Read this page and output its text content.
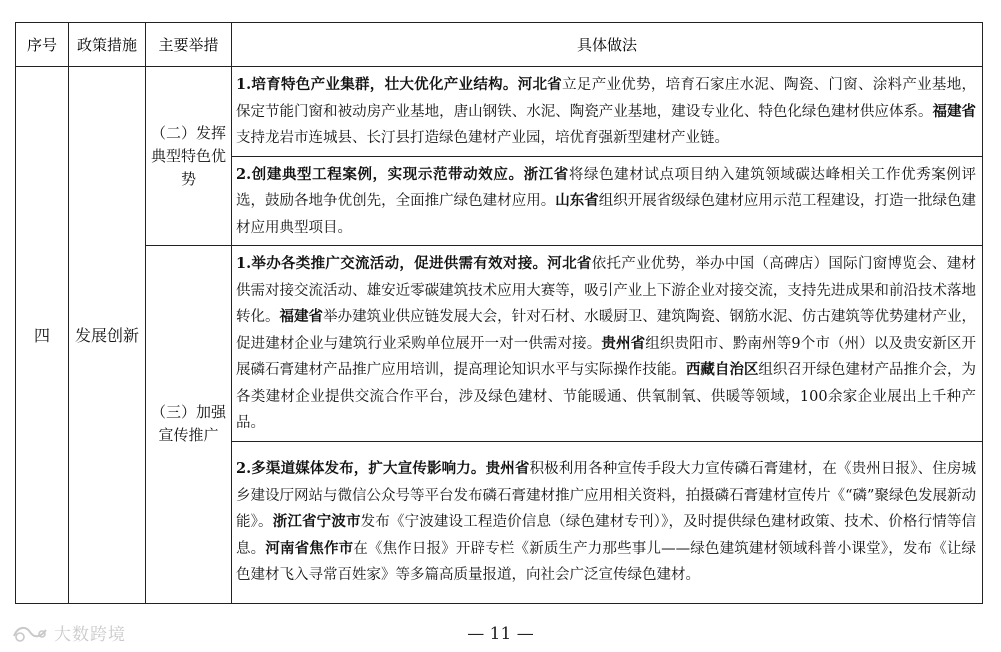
序号	政策措施	主要举措	具体做法
四	发展创新	（二）发挥典型特色优势	1.培育特色产业集群，壮大优化产业结构。河北省立足产业优势，培育石家庄水泥、陶瓷、门窗、涂料产业基地，保定节能门窗和被动房产业基地，唐山钢铁、水泥、陶瓷产业基地，建设专业化、特色化绿色建材供应体系。福建省支持龙岩市连城县、长汀县打造绿色建材产业园，培优育强新型建材产业链。

			2.创建典型工程案例，实现示范带动效应。浙江省将绿色建材试点项目纳入建筑领域碳达峰相关工作优秀案例评选，鼓励各地争优创先，全面推广绿色建材应用。山东省组织开展省级绿色建材应用示范工程建设，打造一批绿色建材应用典型项目。

		（三）加强宣传推广	1.举办各类推广交流活动，促进供需有效对接。河北省依托产业优势，举办中国（高碑店）国际门窗博览会、建材供需对接交流活动、雄安近零碳建筑技术应用大赛等，吸引产业上下游企业对接交流，支持先进成果和前沿技术落地转化。福建省举办建筑业供应链发展大会，针对石材、水暖厨卫、建筑陶瓷、钢筋水泥、仿古建筑等优势建材产业，促进建材企业与建筑行业采购单位展开一对一供需对接。贵州省组织贵阳市、黔南州等9个市（州）以及贵安新区开展磷石膏建材产品推广应用培训，提高理论知识水平与实际操作技能。西藏自治区组织召开绿色建材产品推介会，为各类建材企业提供交流合作平台，涉及绿色建材、节能暖通、供氧制氧、供暖等领域，100余家企业展出上千种产品。

			2.多渠道媒体发布，扩大宣传影响力。贵州省积极利用各种宣传手段大力宣传磷石膏建材，在《贵州日报》、住房城乡建设厅网站与微信公众号等平台发布磷石膏建材推广应用相关资料，拍摄磷石膏建材宣传片《“磷”聚绿色发展新动能》。浙江省宁波市发布《宁波建设工程造价信息（绿色建材专刊）》，及时提供绿色建材政策、技术、价格行情等信息。河南省焦作市在《焦作日报》开辟专栏《新质生产力那些事儿——绿色建筑建材领域科普小课堂》，发布《让绿色建材飞入寻常百姓家》等多篇高质量报道，向社会广泛宣传绿色建材。
大数跨境	— 11 —
